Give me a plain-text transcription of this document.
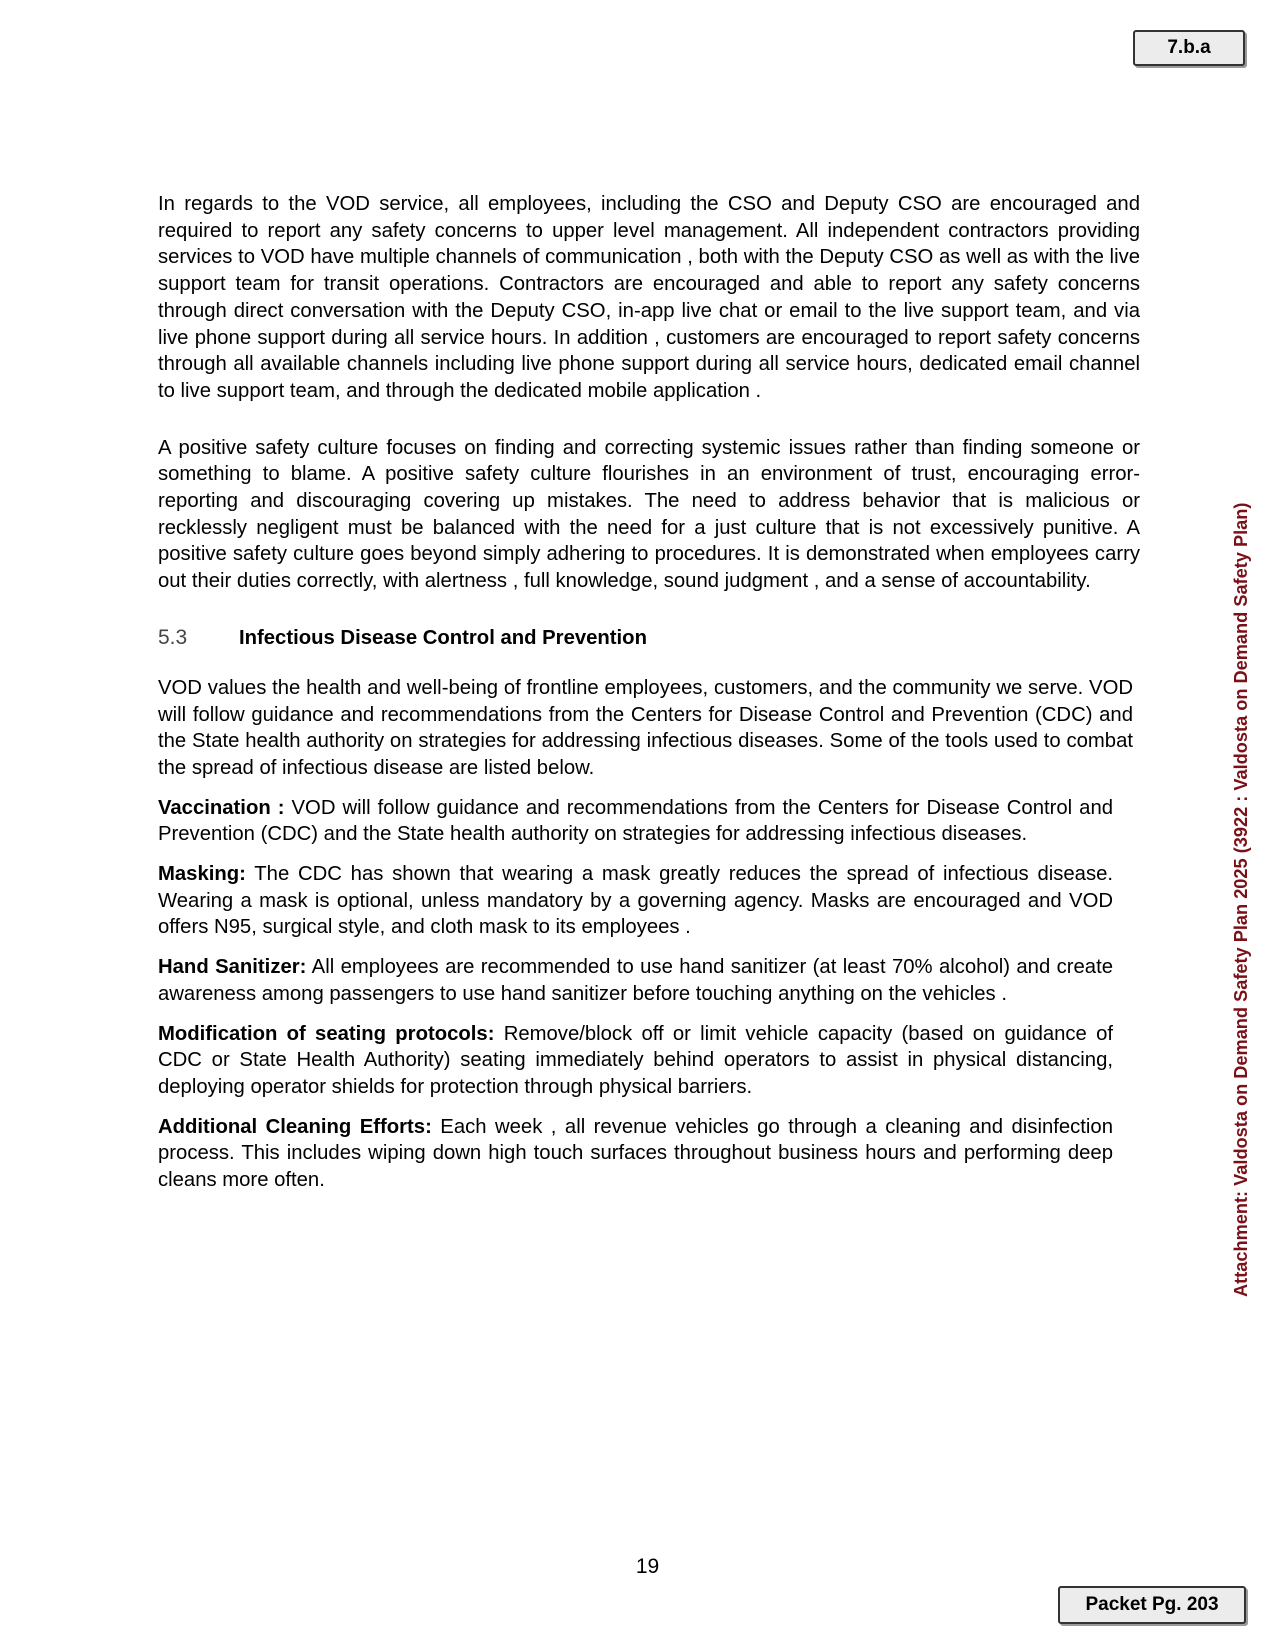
7.b.a
Attachment: Valdosta on Demand Safety Plan 2025 (3922 : Valdosta on Demand Safety Plan)

In regards to the VOD service, all employees, including the CSO and Deputy CSO are encouraged and required to report any safety concerns to upper level management. All independent contractors providing services to VOD have multiple channels of communication , both with the Deputy CSO as well as with the live support team for transit operations. Contractors are encouraged and able to report any safety concerns through direct conversation with the Deputy CSO, in-app live chat or email to the live support team, and via live phone support during all service hours. In addition , customers are encouraged to report safety concerns through all available channels including live phone support during all service hours, dedicated email channel to live support team, and through the dedicated mobile application .

A positive safety culture focuses on finding and correcting systemic issues rather than finding someone or something to blame. A positive safety culture flourishes in an environment of trust, encouraging error-reporting and discouraging covering up mistakes. The need to address behavior that is malicious or recklessly negligent must be balanced with the need for a just culture that is not excessively punitive. A positive safety culture goes beyond simply adhering to procedures. It is demonstrated when employees carry out their duties correctly, with alertness , full knowledge, sound judgment , and a sense of accountability.

5.3	Infectious Disease Control and Prevention

VOD values the health and well-being of frontline employees, customers, and the community we serve. VOD will follow guidance and recommendations from the Centers for Disease Control and Prevention (CDC) and the State health authority on strategies for addressing infectious diseases. Some of the tools used to combat the spread of infectious disease are listed below.

Vaccination : VOD will follow guidance and recommendations from the Centers for Disease Control and Prevention (CDC) and the State health authority on strategies for addressing infectious diseases.

Masking: The CDC has shown that wearing a mask greatly reduces the spread of infectious disease. Wearing a mask is optional, unless mandatory by a governing agency. Masks are encouraged and VOD offers N95, surgical style, and cloth mask to its employees .

Hand Sanitizer: All employees are recommended to use hand sanitizer (at least 70% alcohol) and create awareness among passengers to use hand sanitizer before touching anything on the vehicles .

Modification of seating protocols: Remove/block off or limit vehicle capacity (based on guidance of CDC or State Health Authority) seating immediately behind operators to assist in physical distancing, deploying operator shields for protection through physical barriers.

Additional Cleaning Efforts: Each week , all revenue vehicles go through a cleaning and disinfection process. This includes wiping down high touch surfaces throughout business hours and performing deep cleans more often.

19
Packet Pg. 203
